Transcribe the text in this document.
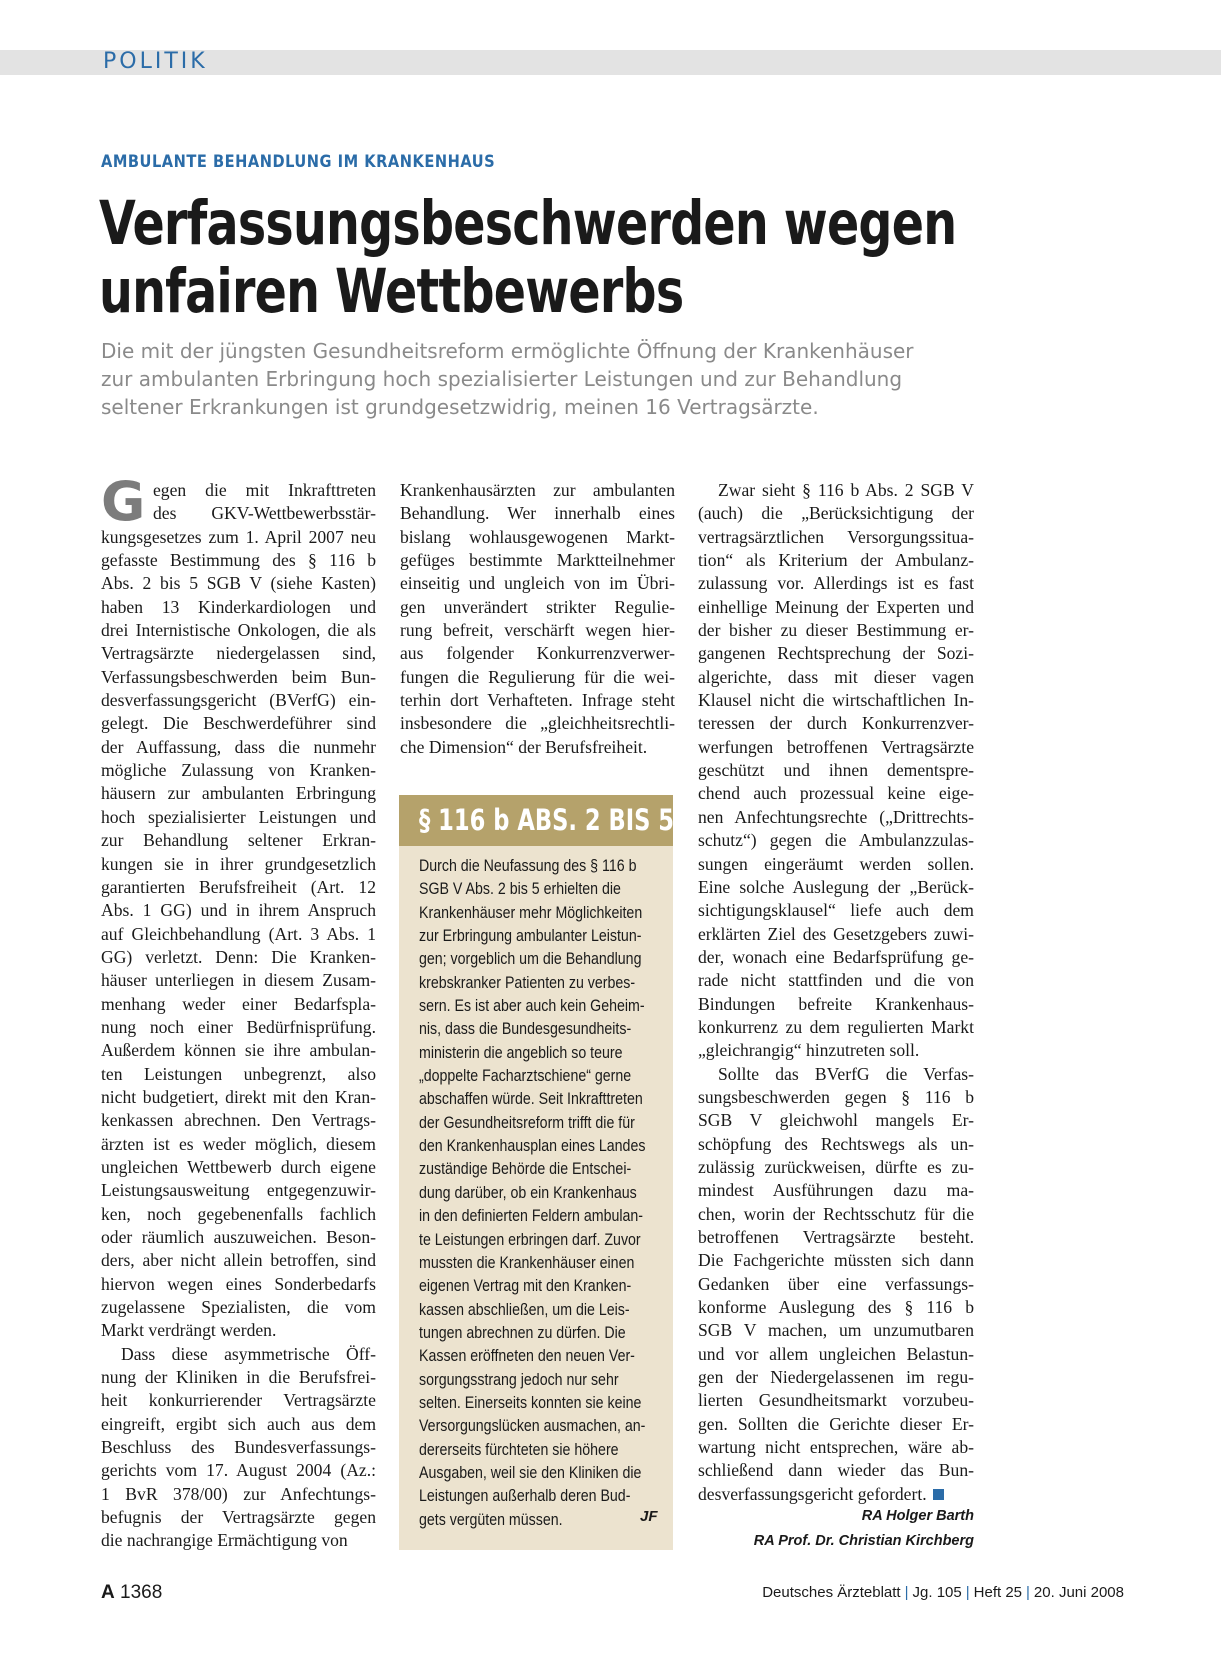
POLITIK
AMBULANTE BEHANDLUNG IM KRANKENHAUS
Verfassungsbeschwerden wegen
unfairen Wettbewerbs
Die mit der jüngsten Gesundheitsreform ermöglichte Öffnung der Krankenhäuser
zur ambulanten Erbringung hoch spezialisierter Leistungen und zur Behandlung
seltener Erkrankungen ist grundgesetzwidrig, meinen 16 Vertragsärzte.
G egen die mit Inkrafttreten
des GKV-Wettbewerbsstär-
kungsgesetzes zum 1. April 2007 neu
gefasste Bestimmung des § 116 b
Abs. 2 bis 5 SGB V (siehe Kasten)
haben 13 Kinderkardiologen und
drei Internistische Onkologen, die als
Vertragsärzte niedergelassen sind,
Verfassungsbeschwerden beim Bun-
desverfassungsgericht (BVerfG) ein-
gelegt. Die Beschwerdeführer sind
der Auffassung, dass die nunmehr
mögliche Zulassung von Kranken-
häusern zur ambulanten Erbringung
hoch spezialisierter Leistungen und
zur Behandlung seltener Erkran-
kungen sie in ihrer grundgesetzlich
garantierten Berufsfreiheit (Art. 12
Abs. 1 GG) und in ihrem Anspruch
auf Gleichbehandlung (Art. 3 Abs. 1
GG) verletzt. Denn: Die Kranken-
häuser unterliegen in diesem Zusam-
menhang weder einer Bedarfspla-
nung noch einer Bedürfnisprüfung.
Außerdem können sie ihre ambulan-
ten Leistungen unbegrenzt, also
nicht budgetiert, direkt mit den Kran-
kenkassen abrechnen. Den Vertrags-
ärzten ist es weder möglich, diesem
ungleichen Wettbewerb durch eigene
Leistungsausweitung entgegenzuwir-
ken, noch gegebenenfalls fachlich
oder räumlich auszuweichen. Beson-
ders, aber nicht allein betroffen, sind
hiervon wegen eines Sonderbedarfs
zugelassene Spezialisten, die vom
Markt verdrängt werden.
Dass diese asymmetrische Öff-
nung der Kliniken in die Berufsfrei-
heit konkurrierender Vertragsärzte
eingreift, ergibt sich auch aus dem
Beschluss des Bundesverfassungs-
gerichts vom 17. August 2004 (Az.:
1 BvR 378/00) zur Anfechtungs-
befugnis der Vertragsärzte gegen
die nachrangige Ermächtigung von
Krankenhausärzten zur ambulanten
Behandlung. Wer innerhalb eines
bislang wohlausgewogenen Markt-
gefüges bestimmte Marktteilnehmer
einseitig und ungleich von im Übri-
gen unverändert strikter Regulie-
rung befreit, verschärft wegen hier-
aus folgender Konkurrenzverwer-
fungen die Regulierung für die wei-
terhin dort Verhafteten. Infrage steht
insbesondere die „gleichheitsrechtli-
che Dimension“ der Berufsfreiheit.
Zwar sieht § 116 b Abs. 2 SGB V
(auch) die „Berücksichtigung der
vertragsärztlichen Versorgungssitua-
tion“ als Kriterium der Ambulanz-
zulassung vor. Allerdings ist es fast
einhellige Meinung der Experten und
der bisher zu dieser Bestimmung er-
gangenen Rechtsprechung der Sozi-
algerichte, dass mit dieser vagen
Klausel nicht die wirtschaftlichen In-
teressen der durch Konkurrenzver-
werfungen betroffenen Vertragsärzte
geschützt und ihnen dementspre-
chend auch prozessual keine eige-
nen Anfechtungsrechte („Drittrechts-
schutz“) gegen die Ambulanzzulas-
sungen eingeräumt werden sollen.
Eine solche Auslegung der „Berück-
sichtigungsklausel“ liefe auch dem
erklärten Ziel des Gesetzgebers zuwi-
der, wonach eine Bedarfsprüfung ge-
rade nicht stattfinden und die von
Bindungen befreite Krankenhaus-
konkurrenz zu dem regulierten Markt
„gleichrangig“ hinzutreten soll.
Sollte das BVerfG die Verfas-
sungsbeschwerden gegen § 116 b
SGB V gleichwohl mangels Er-
schöpfung des Rechtswegs als un-
zulässig zurückweisen, dürfte es zu-
mindest Ausführungen dazu ma-
chen, worin der Rechtsschutz für die
betroffenen Vertragsärzte besteht.
Die Fachgerichte müssten sich dann
Gedanken über eine verfassungs-
konforme Auslegung des § 116 b
SGB V machen, um unzumutbaren
und vor allem ungleichen Belastun-
gen der Niedergelassenen im regu-
lierten Gesundheitsmarkt vorzubeu-
gen. Sollten die Gerichte dieser Er-
wartung nicht entsprechen, wäre ab-
schließend dann wieder das Bun-
desverfassungsgericht gefordert.
§ 116 b ABS. 2 BIS 5
Durch die Neufassung des § 116 b
SGB V Abs. 2 bis 5 erhielten die
Krankenhäuser mehr Möglichkeiten
zur Erbringung ambulanter Leistun-
gen; vorgeblich um die Behandlung
krebskranker Patienten zu verbes-
sern. Es ist aber auch kein Geheim-
nis, dass die Bundesgesundheits-
ministerin die angeblich so teure
„doppelte Facharztschiene“ gerne
abschaffen würde. Seit Inkrafttreten
der Gesundheitsreform trifft die für
den Krankenhausplan eines Landes
zuständige Behörde die Entschei-
dung darüber, ob ein Krankenhaus
in den definierten Feldern ambulan-
te Leistungen erbringen darf. Zuvor
mussten die Krankenhäuser einen
eigenen Vertrag mit den Kranken-
kassen abschließen, um die Leis-
tungen abrechnen zu dürfen. Die
Kassen eröffneten den neuen Ver-
sorgungsstrang jedoch nur sehr
selten. Einerseits konnten sie keine
Versorgungslücken ausmachen, an-
dererseits fürchteten sie höhere
Ausgaben, weil sie den Kliniken die
Leistungen außerhalb deren Bud-
gets vergüten müssen.	JF	RA Holger Barth
RA Prof. Dr. Christian Kirchberg
A 1368	Deutsches Ärzteblatt | Jg. 105 | Heft 25 | 20. Juni 2008
